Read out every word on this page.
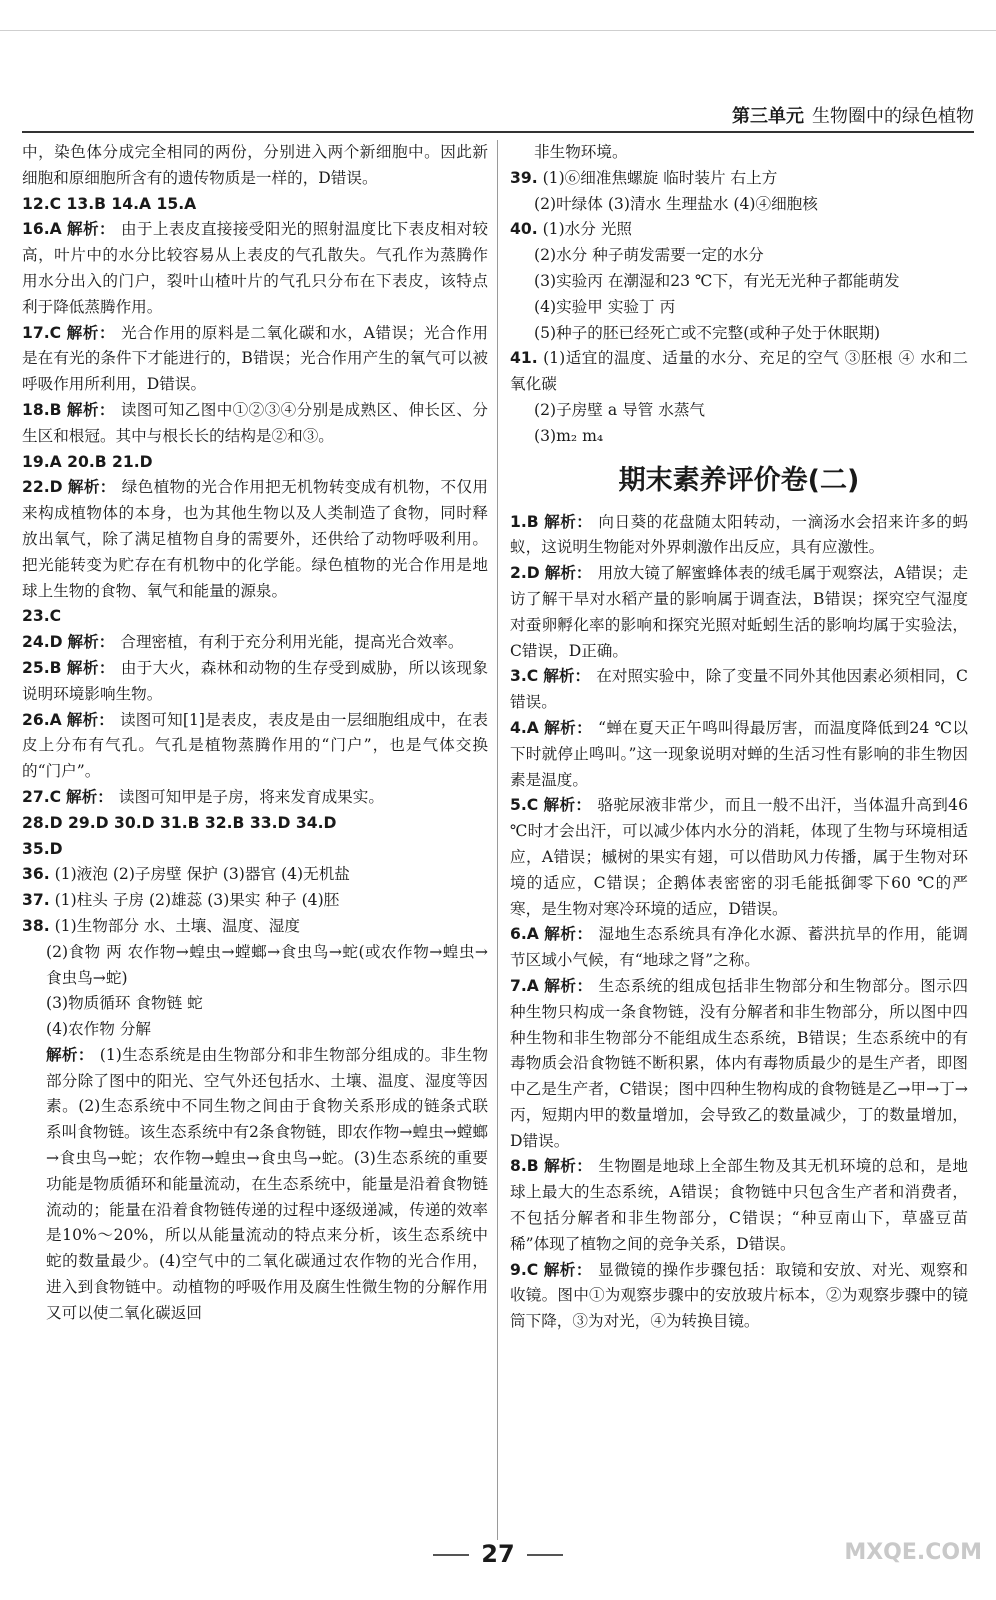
第三单元 生物圈中的绿色植物

中，染色体分成完全相同的两份，分别进入两个新细胞中。因此新细胞和原细胞所含有的遗传物质是一样的，D错误。

12.C 13.B 14.A 15.A

16.A 解析： 由于上表皮直接接受阳光的照射温度比下表皮相对较高，叶片中的水分比较容易从上表皮的气孔散失。气孔作为蒸腾作用水分出入的门户，裂叶山楂叶片的气孔只分布在下表皮，该特点利于降低蒸腾作用。

17.C 解析： 光合作用的原料是二氧化碳和水，A错误；光合作用是在有光的条件下才能进行的，B错误；光合作用产生的氧气可以被呼吸作用所利用，D错误。

18.B 解析： 读图可知乙图中①②③④分别是成熟区、伸长区、分生区和根冠。其中与根长长的结构是②和③。

19.A 20.B 21.D

22.D 解析： 绿色植物的光合作用把无机物转变成有机物，不仅用来构成植物体的本身，也为其他生物以及人类制造了食物，同时释放出氧气，除了满足植物自身的需要外，还供给了动物呼吸利用。把光能转变为贮存在有机物中的化学能。绿色植物的光合作用是地球上生物的食物、氧气和能量的源泉。

23.C

24.D 解析： 合理密植，有利于充分利用光能，提高光合效率。

25.B 解析： 由于大火，森林和动物的生存受到威胁，所以该现象说明环境影响生物。

26.A 解析： 读图可知[1]是表皮，表皮是由一层细胞组成中，在表皮上分布有气孔。气孔是植物蒸腾作用的“门户”，也是气体交换的“门户”。

27.C 解析： 读图可知甲是子房，将来发育成果实。

28.D 29.D 30.D 31.B 32.B 33.D 34.D

35.D

36. (1)液泡 (2)子房壁 保护 (3)器官 (4)无机盐

37. (1)柱头 子房 (2)雄蕊 (3)果实 种子 (4)胚

38. (1)生物部分 水、土壤、温度、湿度

(2)食物 两 农作物→蝗虫→螳螂→食虫鸟→蛇(或农作物→蝗虫→食虫鸟→蛇)

(3)物质循环 食物链 蛇

(4)农作物 分解

解析： (1)生态系统是由生物部分和非生物部分组成的。非生物部分除了图中的阳光、空气外还包括水、土壤、温度、湿度等因素。(2)生态系统中不同生物之间由于食物关系形成的链条式联系叫食物链。该生态系统中有2条食物链，即农作物→蝗虫→螳螂→食虫鸟→蛇；农作物→蝗虫→食虫鸟→蛇。(3)生态系统的重要功能是物质循环和能量流动，在生态系统中，能量是沿着食物链流动的；能量在沿着食物链传递的过程中逐级递减，传递的效率是10%～20%，所以从能量流动的特点来分析，该生态系统中蛇的数量最少。(4)空气中的二氧化碳通过农作物的光合作用，进入到食物链中。动植物的呼吸作用及腐生性微生物的分解作用又可以使二氧化碳返回

非生物环境。

39. (1)⑥细准焦螺旋 临时装片 右上方

(2)叶绿体 (3)清水 生理盐水 (4)④细胞核

40. (1)水分 光照

(2)水分 种子萌发需要一定的水分

(3)实验丙 在潮湿和23 ℃下，有光无光种子都能萌发

(4)实验甲 实验丁 丙

(5)种子的胚已经死亡或不完整(或种子处于休眠期)

41. (1)适宜的温度、适量的水分、充足的空气 ③胚根 ④ 水和二氧化碳

(2)子房壁 a 导管 水蒸气

(3)m₂ m₄

期末素养评价卷(二)

1.B 解析： 向日葵的花盘随太阳转动，一滴汤水会招来许多的蚂蚁，这说明生物能对外界刺激作出反应，具有应激性。

2.D 解析： 用放大镜了解蜜蜂体表的绒毛属于观察法，A错误；走访了解干旱对水稻产量的影响属于调查法，B错误；探究空气湿度对蚕卵孵化率的影响和探究光照对蚯蚓生活的影响均属于实验法，C错误，D正确。

3.C 解析： 在对照实验中，除了变量不同外其他因素必须相同，C错误。

4.A 解析： “蝉在夏天正午鸣叫得最厉害，而温度降低到24 ℃以下时就停止鸣叫。”这一现象说明对蝉的生活习性有影响的非生物因素是温度。

5.C 解析： 骆驼尿液非常少，而且一般不出汗，当体温升高到46 ℃时才会出汗，可以减少体内水分的消耗，体现了生物与环境相适应，A错误；槭树的果实有翅，可以借助风力传播，属于生物对环境的适应，C错误；企鹅体表密密的羽毛能抵御零下60 ℃的严寒，是生物对寒冷环境的适应，D错误。

6.A 解析： 湿地生态系统具有净化水源、蓄洪抗旱的作用，能调节区域小气候，有“地球之肾”之称。

7.A 解析： 生态系统的组成包括非生物部分和生物部分。图示四种生物只构成一条食物链，没有分解者和非生物部分，所以图中四种生物和非生物部分不能组成生态系统，B错误；生态系统中的有毒物质会沿食物链不断积累，体内有毒物质最少的是生产者，即图中乙是生产者，C错误；图中四种生物构成的食物链是乙→甲→丁→丙，短期内甲的数量增加，会导致乙的数量减少，丁的数量增加，D错误。

8.B 解析： 生物圈是地球上全部生物及其无机环境的总和，是地球上最大的生态系统，A错误；食物链中只包含生产者和消费者，不包括分解者和非生物部分，C错误；“种豆南山下，草盛豆苗稀”体现了植物之间的竞争关系，D错误。

9.C 解析： 显微镜的操作步骤包括：取镜和安放、对光、观察和收镜。图中①为观察步骤中的安放玻片标本，②为观察步骤中的镜筒下降，③为对光，④为转换目镜。

27	MXQE.COM
